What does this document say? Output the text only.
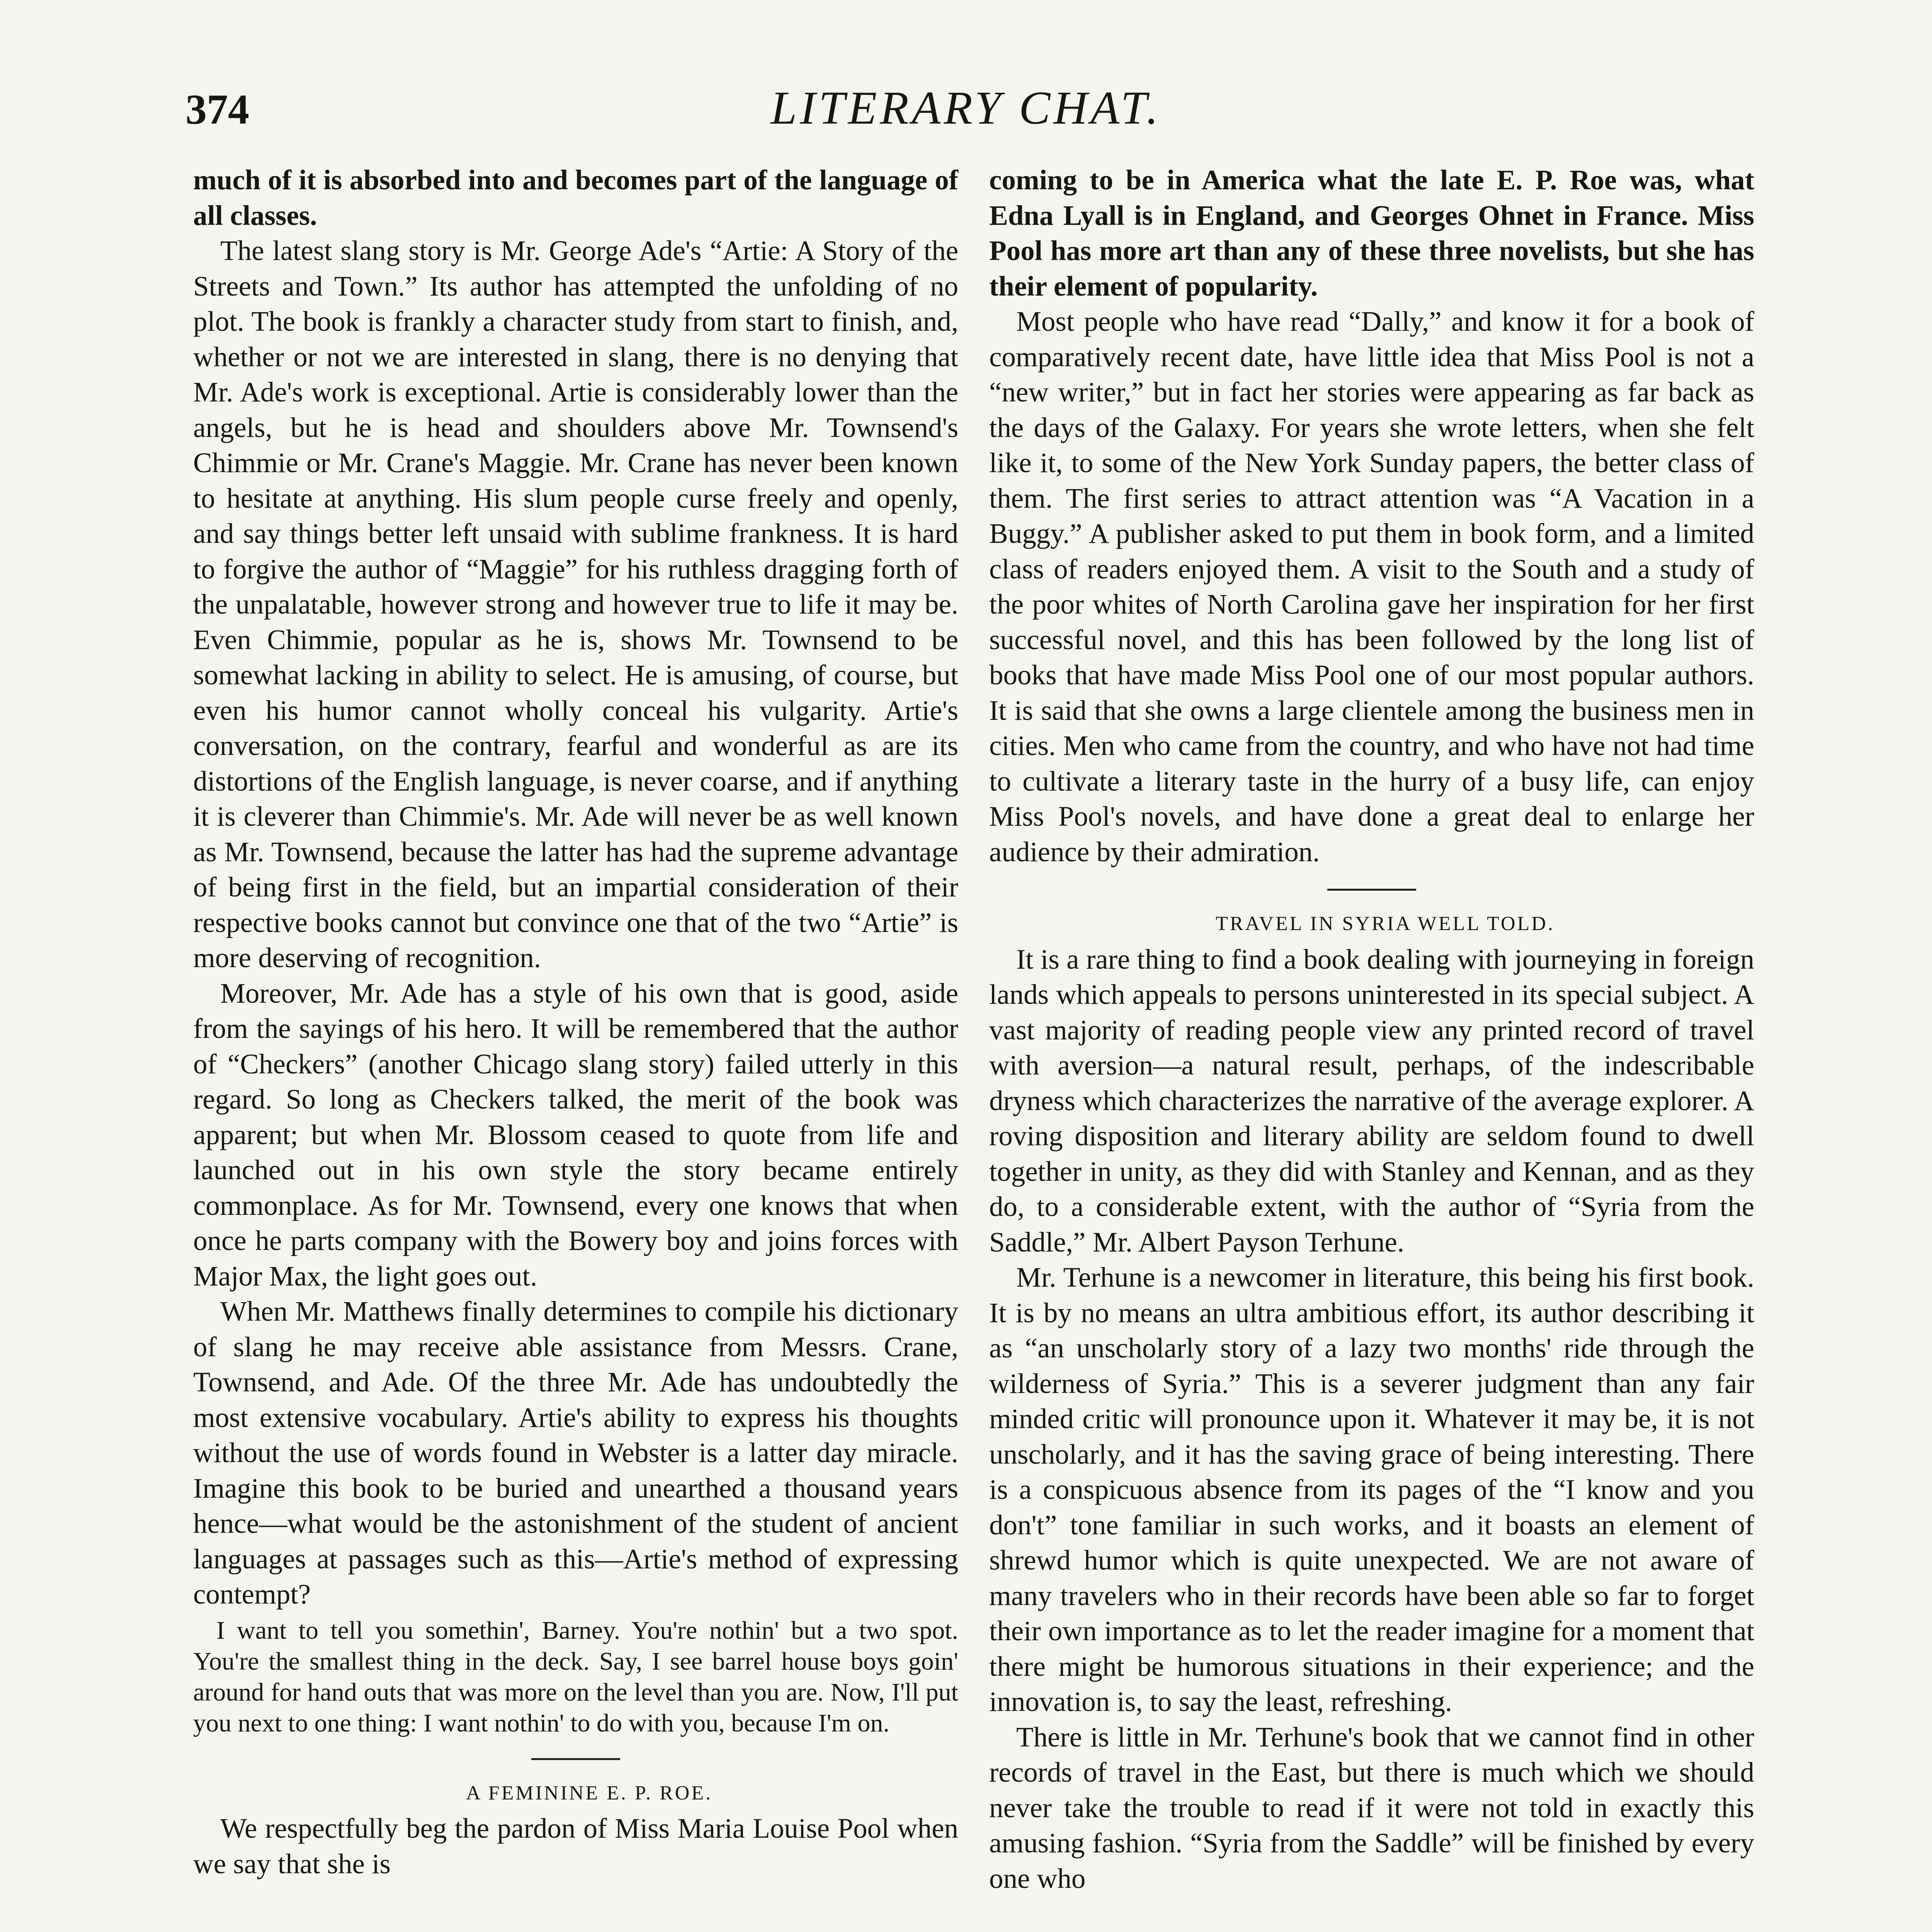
374	LITERARY CHAT.

much of it is absorbed into and becomes part of the language of all classes.

The latest slang story is Mr. George Ade's “Artie: A Story of the Streets and Town.” Its author has attempted the unfolding of no plot. The book is frankly a character study from start to finish, and, whether or not we are interested in slang, there is no denying that Mr. Ade's work is exceptional. Artie is considerably lower than the angels, but he is head and shoulders above Mr. Townsend's Chimmie or Mr. Crane's Maggie. Mr. Crane has never been known to hesitate at anything. His slum people curse freely and openly, and say things better left unsaid with sublime frankness. It is hard to forgive the author of “Maggie” for his ruthless dragging forth of the unpalatable, however strong and however true to life it may be. Even Chimmie, popular as he is, shows Mr. Townsend to be somewhat lacking in ability to select. He is amusing, of course, but even his humor cannot wholly conceal his vulgarity. Artie's conversation, on the contrary, fearful and wonderful as are its distortions of the English language, is never coarse, and if anything it is cleverer than Chimmie's. Mr. Ade will never be as well known as Mr. Townsend, because the latter has had the supreme advantage of being first in the field, but an impartial consideration of their respective books cannot but convince one that of the two “Artie” is more deserving of recognition.

Moreover, Mr. Ade has a style of his own that is good, aside from the sayings of his hero. It will be remembered that the author of “Checkers” (another Chicago slang story) failed utterly in this regard. So long as Checkers talked, the merit of the book was apparent; but when Mr. Blossom ceased to quote from life and launched out in his own style the story became entirely commonplace. As for Mr. Townsend, every one knows that when once he parts company with the Bowery boy and joins forces with Major Max, the light goes out.

When Mr. Matthews finally determines to compile his dictionary of slang he may receive able assistance from Messrs. Crane, Townsend, and Ade. Of the three Mr. Ade has undoubtedly the most extensive vocabulary. Artie's ability to express his thoughts without the use of words found in Webster is a latter day miracle. Imagine this book to be buried and unearthed a thousand years hence—what would be the astonishment of the student of ancient languages at passages such as this—Artie's method of expressing contempt?

I want to tell you somethin', Barney. You're nothin' but a two spot. You're the smallest thing in the deck. Say, I see barrel house boys goin' around for hand outs that was more on the level than you are. Now, I'll put you next to one thing: I want nothin' to do with you, because I'm on.

A FEMININE E. P. ROE.

We respectfully beg the pardon of Miss Maria Louise Pool when we say that she is

coming to be in America what the late E. P. Roe was, what Edna Lyall is in England, and Georges Ohnet in France. Miss Pool has more art than any of these three novelists, but she has their element of popularity.

Most people who have read “Dally,” and know it for a book of comparatively recent date, have little idea that Miss Pool is not a “new writer,” but in fact her stories were appearing as far back as the days of the Galaxy. For years she wrote letters, when she felt like it, to some of the New York Sunday papers, the better class of them. The first series to attract attention was “A Vacation in a Buggy.” A publisher asked to put them in book form, and a limited class of readers enjoyed them. A visit to the South and a study of the poor whites of North Carolina gave her inspiration for her first successful novel, and this has been followed by the long list of books that have made Miss Pool one of our most popular authors. It is said that she owns a large clientele among the business men in cities. Men who came from the country, and who have not had time to cultivate a literary taste in the hurry of a busy life, can enjoy Miss Pool's novels, and have done a great deal to enlarge her audience by their admiration.

TRAVEL IN SYRIA WELL TOLD.

It is a rare thing to find a book dealing with journeying in foreign lands which appeals to persons uninterested in its special subject. A vast majority of reading people view any printed record of travel with aversion—a natural result, perhaps, of the indescribable dryness which characterizes the narrative of the average explorer. A roving disposition and literary ability are seldom found to dwell together in unity, as they did with Stanley and Kennan, and as they do, to a considerable extent, with the author of “Syria from the Saddle,” Mr. Albert Payson Terhune.

Mr. Terhune is a newcomer in literature, this being his first book. It is by no means an ultra ambitious effort, its author describing it as “an unscholarly story of a lazy two months' ride through the wilderness of Syria.” This is a severer judgment than any fair minded critic will pronounce upon it. Whatever it may be, it is not unscholarly, and it has the saving grace of being interesting. There is a conspicuous absence from its pages of the “I know and you don't” tone familiar in such works, and it boasts an element of shrewd humor which is quite unexpected. We are not aware of many travelers who in their records have been able so far to forget their own importance as to let the reader imagine for a moment that there might be humorous situations in their experience; and the innovation is, to say the least, refreshing.

There is little in Mr. Terhune's book that we cannot find in other records of travel in the East, but there is much which we should never take the trouble to read if it were not told in exactly this amusing fashion. “Syria from the Saddle” will be finished by every one who
